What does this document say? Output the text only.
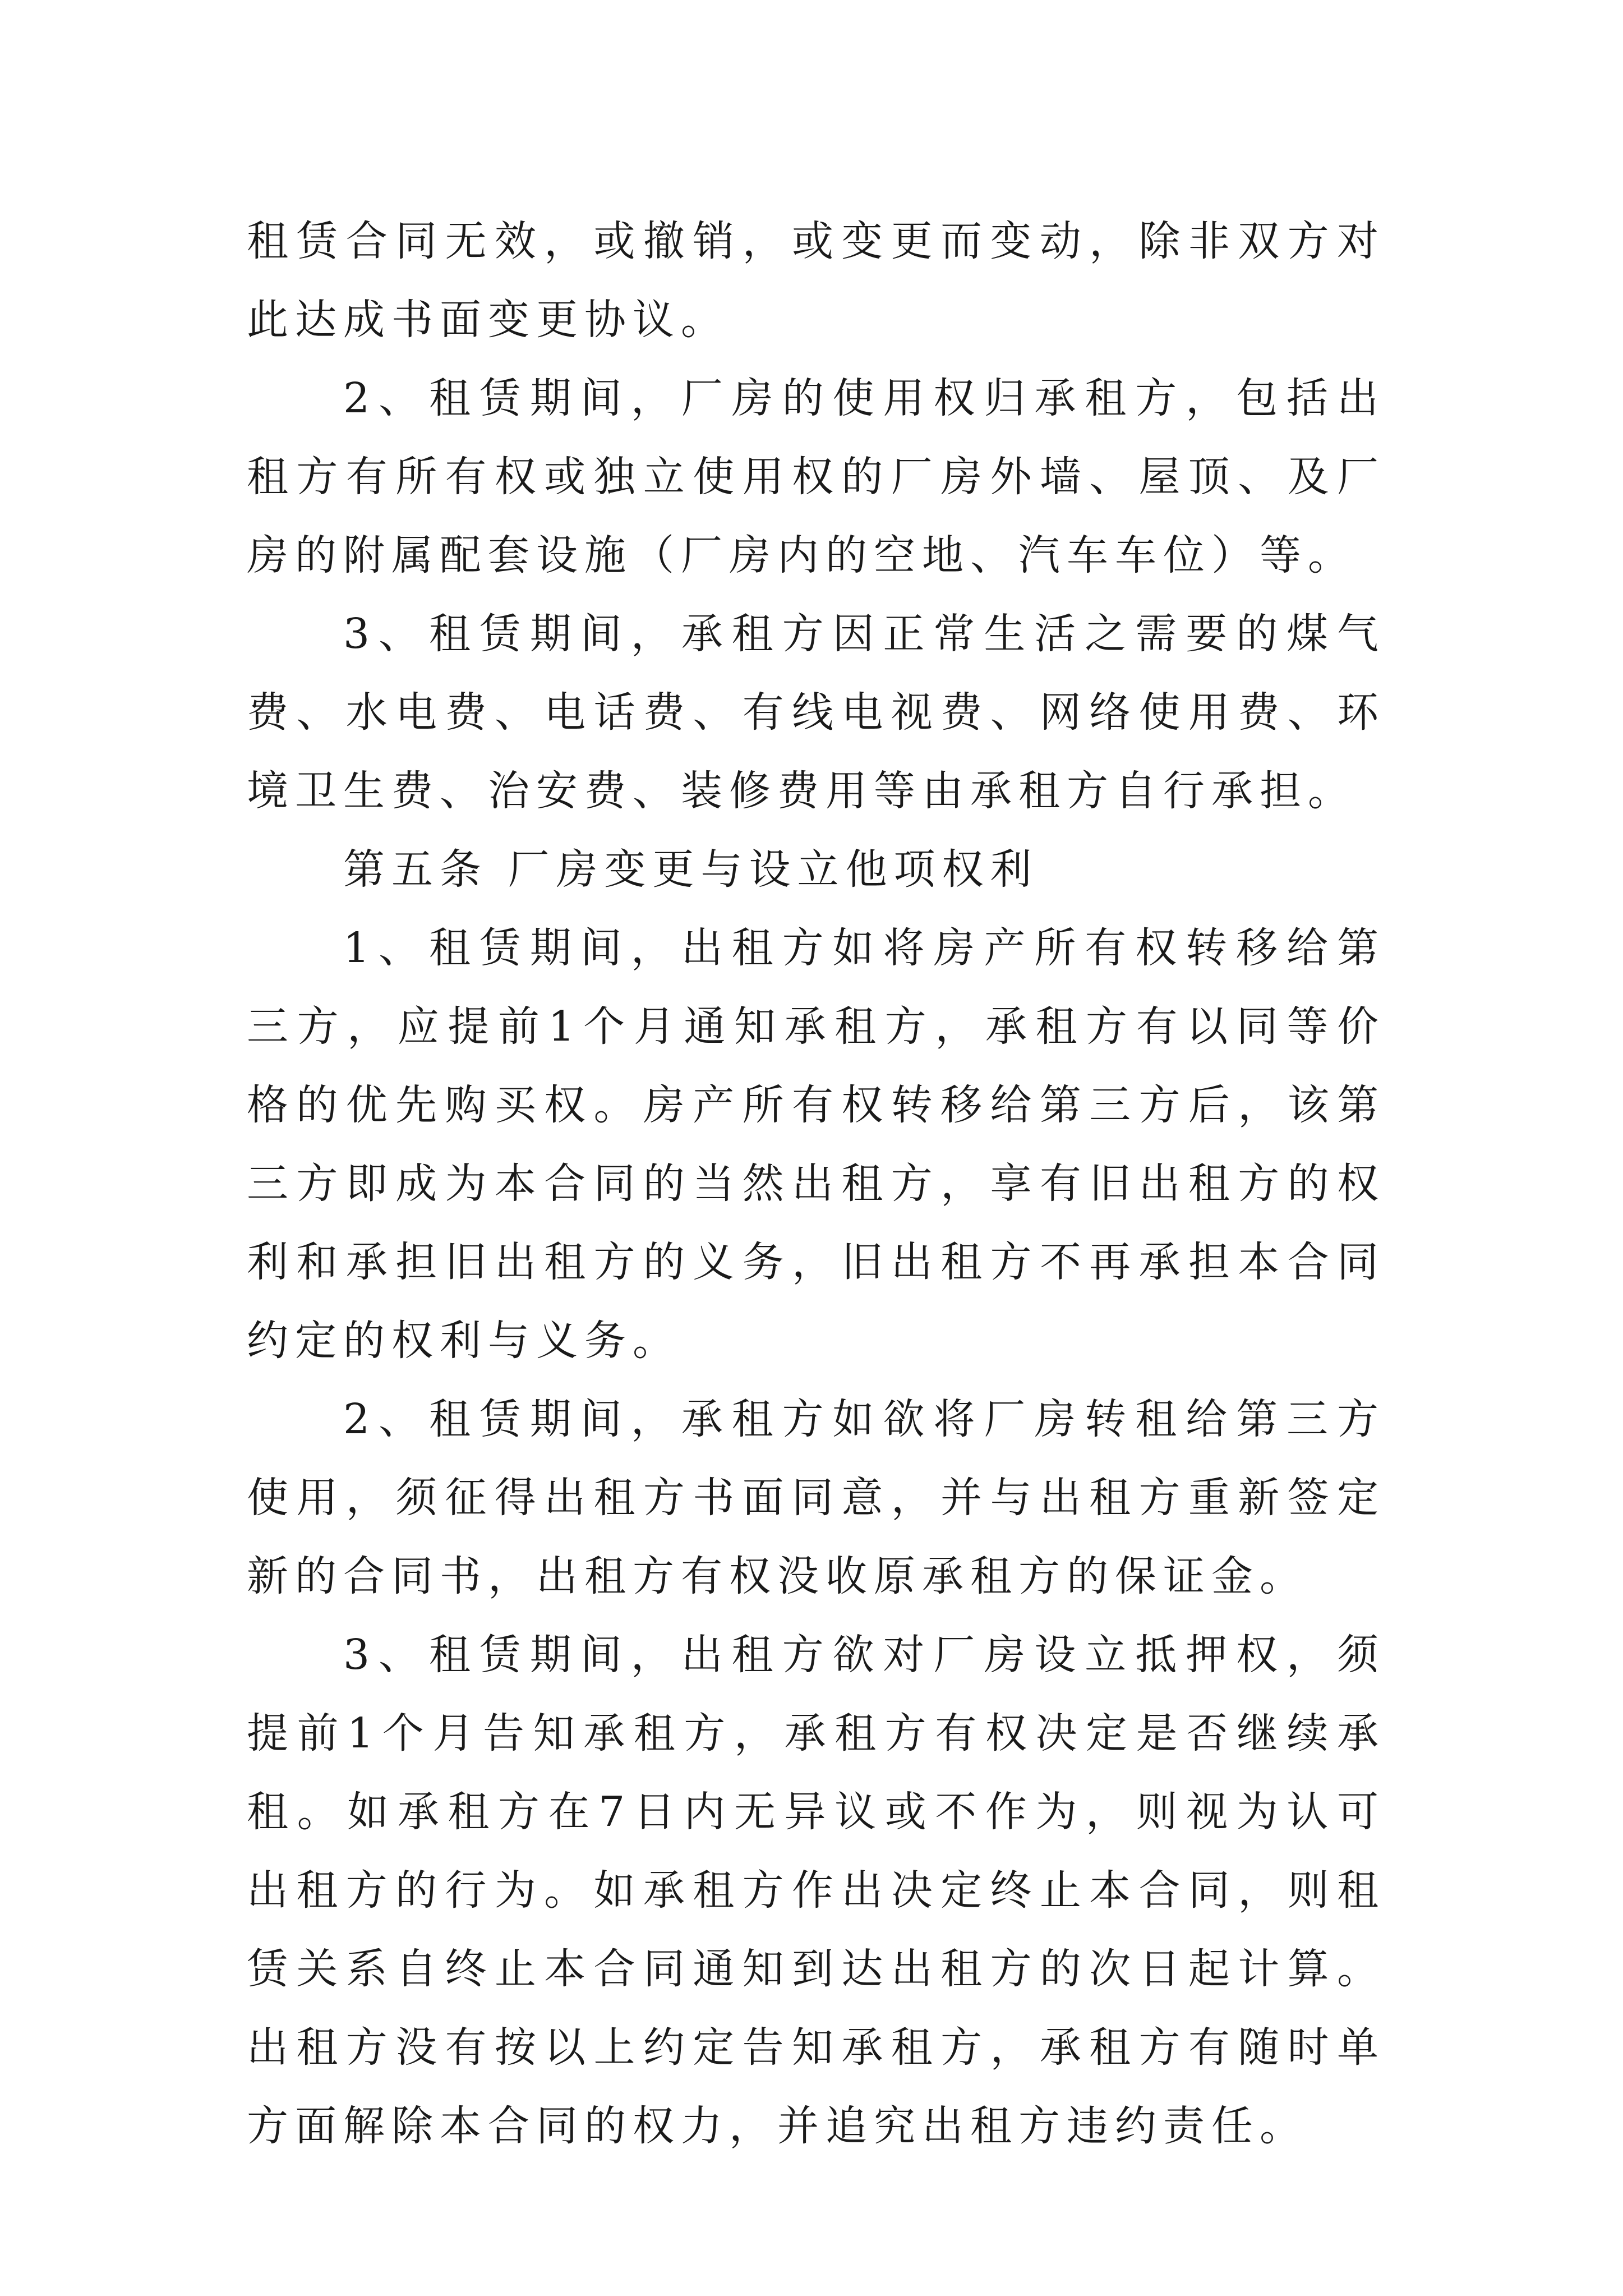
租赁合同无效，或撤销，或变更而变动，除非双方对此达成书面变更协议。

2、租赁期间，厂房的使用权归承租方，包括出租方有所有权或独立使用权的厂房外墙、屋顶、及厂房的附属配套设施（厂房内的空地、汽车车位）等。

3、租赁期间，承租方因正常生活之需要的煤气费、水电费、电话费、有线电视费、网络使用费、环境卫生费、治安费、装修费用等由承租方自行承担。

第五条 厂房变更与设立他项权利

1、租赁期间，出租方如将房产所有权转移给第三方，应提前1个月通知承租方，承租方有以同等价格的优先购买权。房产所有权转移给第三方后，该第三方即成为本合同的当然出租方，享有旧出租方的权利和承担旧出租方的义务，旧出租方不再承担本合同约定的权利与义务。

2、租赁期间，承租方如欲将厂房转租给第三方使用，须征得出租方书面同意，并与出租方重新签定新的合同书，出租方有权没收原承租方的保证金。

3、租赁期间，出租方欲对厂房设立抵押权，须提前1个月告知承租方，承租方有权决定是否继续承租。如承租方在7日内无异议或不作为，则视为认可出租方的行为。如承租方作出决定终止本合同，则租赁关系自终止本合同通知到达出租方的次日起计算。出租方没有按以上约定告知承租方，承租方有随时单方面解除本合同的权力，并追究出租方违约责任。
